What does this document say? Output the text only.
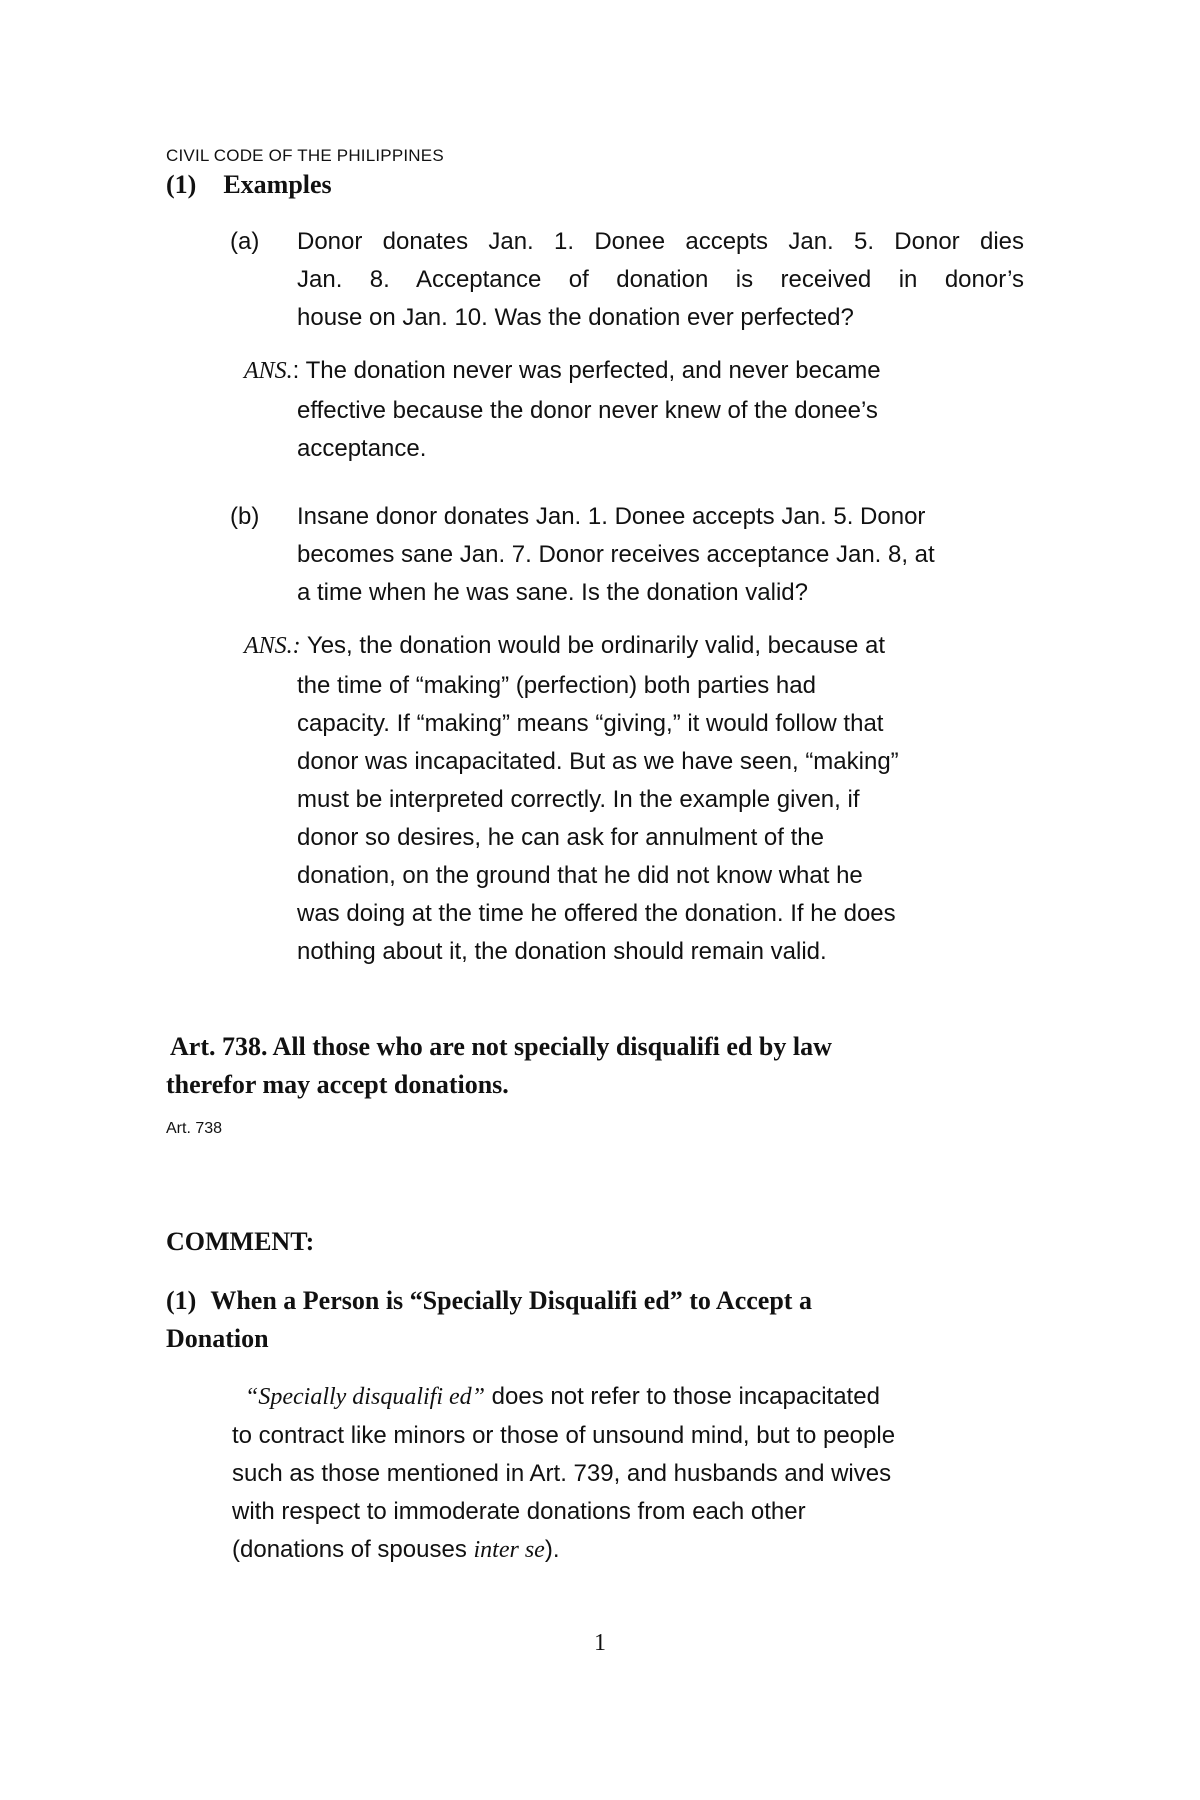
CIVIL CODE OF THE PHILIPPINES
(1) Examples
(a) Donor donates Jan. 1. Donee accepts Jan. 5. Donor dies
Jan. 8. Acceptance of donation is received in donor’s
house on Jan. 10. Was the donation ever perfected?
ANS.: The donation never was perfected, and never became
effective because the donor never knew of the donee’s
acceptance.
(b) Insane donor donates Jan. 1. Donee accepts Jan. 5. Donor
becomes sane Jan. 7. Donor receives acceptance Jan. 8, at
a time when he was sane. Is the donation valid?
ANS.: Yes, the donation would be ordinarily valid, because at
the time of “making” (perfection) both parties had
capacity. If “making” means “giving,” it would follow that
donor was incapacitated. But as we have seen, “making”
must be interpreted correctly. In the example given, if
donor so desires, he can ask for annulment of the
donation, on the ground that he did not know what he
was doing at the time he offered the donation. If he does
nothing about it, the donation should remain valid.
Art. 738. All those who are not specially disqualifi ed by law
therefor may accept donations.
Art. 738
COMMENT:
(1) When a Person is “Specially Disqualifi ed” to Accept a
Donation
“Specially disqualifi ed” does not refer to those incapacitated
to contract like minors or those of unsound mind, but to people
such as those mentioned in Art. 739, and husbands and wives
with respect to immoderate donations from each other
(donations of spouses inter se).
1
